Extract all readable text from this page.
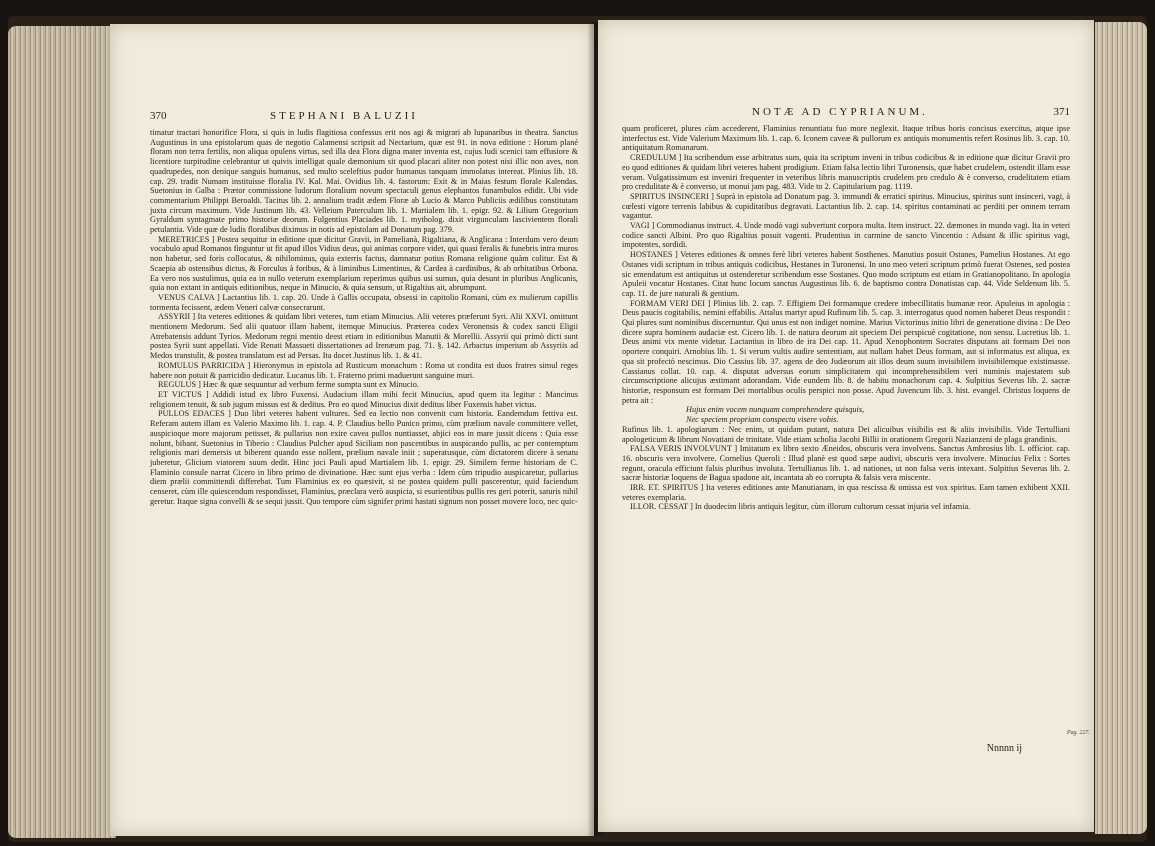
370	STEPHANI BALUZII

timatur tractari honorifice Flora, si quis in ludis flagitiosa confessus erit nos agi & migrari ab lupanaribus in theatra. Sanctus Augustinus in una epistolarum quas de negotio Calamensi scripsit ad Nectarium, quæ est 91. in nova editione : Horum plané floram non terra fertilis, non aliqua opulens virtus, sed illa dea Flora digna mater inventa est, cujus ludi scenici tam effusiore & licentiore turpitudine celebrantur ut quivis intelligat quale dæmonium sit quod placari aliter non potest nisi illic non aves, non quadrupedes, non denique sanguis humanus, sed multo sceleftius pudor humanus tanquam immolatus intereat. Plinius lib. 18. cap. 29. tradit Numam instituisse floralia IV. Kal. Mai. Ovidius lib. 4. fastorum: Exit & in Maias festum florale Kalendas. Suetonius in Galba : Prætor commissione ludorum floralium novum spectaculi genus elephantos funambulos edidit. Ubi vide commentarium Philippi Beroaldi. Tacitus lib. 2. annalium tradit ædem Floræ ab Lucio & Marco Publiciis ædilibus constitutam juxta circum maximum. Vide Justinum lib. 43. Velleium Paterculum lib. 1. Martialem lib. 1. epigr. 92. & Lilium Gregorium Gyraldum syntagmate primo historiæ deorum. Fulgentius Placiades lib. 1. mytholog. dixit virgunculam lascivientem florali petulantia. Vide quæ de ludis floralibus diximus in notis ad epistolam ad Donatum pag. 379.

MERETRICES ] Postea sequitur in editione quæ dicitur Gravii, in Pamelianà, Rigaltiana, & Anglicana : Interdum vero deum vocabulo apud Romanos finguntur ut fit apud illos Vidius deus, qui animas corpore videt, qui quasi feralis & funebris intra muros non habetur, sed foris collocatus, & nihilominus, quia exterris factus, damnatur potius Romana religione quàm colitur. Est & Scaepia ab ostensibus dictus, & Forculus à foribus, & à liminibus Limentinus, & Cardea à cardinibus, & ab orbitatibus Orbona. Ea vero nos sustulimus, quia ea in nullo veterum exemplarium reperimus quibus usi sumus, quia desunt in pluribus Anglicanis, quia non extant in antiquis editionibus, neque in Minucio, & quia sensum, ut Rigaltius ait, abrumpunt.

VENUS CALVA ] Lactantius lib. 1. cap. 20. Unde à Gallis occupata, obsessi in capitolio Romani, cùm ex mulierum capillis tormenta fecissent, ædem Veneri calvæ consecrarunt.

ASSYRII ] Ita veteres editiones & quidam libri veteres, tum etiam Minucius. Alii veteres præferunt Syri. Alii XXVI. omittunt mentionem Medorum. Sed alii quatuor illam habent, itemque Minucius. Præterea codex Veronensis & codex sancti Eligii Atrebatensis addunt Tyrios. Medorum regni mentio deest etiam in editionibus Manutii & Morellii. Assyrii qui primò dicti sunt postea Syrii sunt appellati. Vide Renati Massueti dissertationes ad Irenæum pag. 71. §. 142. Arbactus imperium ab Assyriis ad Medos transtulit, & postea translatum est ad Persas. Ita docet Justinus lib. 1. & 41.

ROMULUS PARRICIDA ] Hieronymus in epistola ad Rusticum monachum : Roma ut condita est duos fratres simul reges habere non potuit & parricidio dedicatur. Lucanus lib. 1. Fraterno primi maduerunt sanguine muri.

REGULUS ] Hæc & quæ sequuntur ad verbum ferme sumpta sunt ex Minucio.

ET VICTUS ] Addidi istud ex libro Fuxensi. Audacium illam mihi fecit Minucius, apud quem ita legitur : Mancinus religionem tenuit, & sub jugum missus est & deditus. Pro eo quod Minucius dixit deditus liber Fuxensis habet victus.

PULLOS EDACES ] Duo libri veteres habent vultures. Sed ea lectio non convenit cum historia. Eandemdum fettiva est. Referam autem illam ex Valerio Maximo lib. 1. cap. 4. P. Claudius bello Punico primo, cùm prælium navale committere vellet, auspicioque more majorum petisset, & pullarius non exire cavea pullos nuntiasset, abjici eos in mare jussit dicens : Quia esse nolunt, bibant. Suetonius in Tiberio : Claudius Pulcher apud Siciliam non pascentibus in auspicando pullis, ac per contemptum religionis mari demersis ut biberent quando esse nollent, prælium navale iniit ; superatusque, cùm dictatorem dicere à senatu juberetur, Glicium viatorem suum dedit. Hinc joci Pauli apud Martialem lib. 1. epigr. 29. Similem ferme historiam de C. Flaminio consule narrat Cicero in libro primo de divinatione. Hæc sunt ejus verba : Idem cùm tripudio auspicaretur, pullarius diem prælii committendi differebat. Tum Flaminius ex eo quæsivit, si ne postea quidem pulli pascerentur, quid faciendum censeret, cùm ille quiescendum respondisset, Flaminius, præclara verò auspicia, si esurientibus pullis res geri poterit, saturis nihil geretur. Itaque signa convelli & se sequi jussit. Quo tempore cùm signifer primi hastati signum non posset movere loco, nec quic-

NOTÆ AD CYPRIANUM.	371

quam proficeret, plures cùm accederent, Flaminius renuntiata fuo more neglexit. Itaque tribus horis concisus exercitus, atque ipse interfectus est. Vide Valerium Maximum lib. 1. cap. 6. Iconem caveæ & pullorum ex antiquis monumentis refert Rosinus lib. 3. cap. 10. antiquitatum Romanarum.

CREDULUM ] Ita scribendum esse arbitratus sum, quia ita scriptum inveni in tribus codicibus & in editione quæ dicitur Gravii pro eo quod editiones & quidam libri veteres habent prodigium. Etiam falsa lectio libri Turonensis, quæ habet crudelem, ostendit illam esse veram. Vulgatissimum est inveniri frequenter in veteribus libris manuscriptis crudelem pro credulo & è converso, crudelitatem etiam pro credulitate & è converso, ut monui jam pag. 483. Vide to 2. Capitularium pag. 1119.

SPIRITUS INSINCERI ] Suprà in epistola ad Donatum pag. 3. immundi & erratici spiritus. Minucius, spiritus sunt insinceri, vagi, à cœlesti vigore terrenis labibus & cupiditatibus degravati. Lactantius lib. 2. cap. 14. spiritus contaminati ac perditi per omnem terram vagantur.

VAGI ] Commodianus instruct. 4. Unde modò vagi subvertunt corpora multa. Item instruct. 22. dæmones in mundo vagi. Ita in veteri codice sancti Albini. Pro quo Rigaltius posuit vagenti. Prudentius in carmine de sancto Vincentio : Adsunt & illic spiritus vagi, impotentes, sordidi.

HOSTANES ] Veteres editiones & omnes ferè libri veteres habent Sosthenes. Manutius posuit Ostanes, Pamelius Hostanes. At ego Ostanes vidi scriptum in tribus antiquis codicibus, Hestanes in Turonensi. In uno meo veteri scriptum primò fuerat Ostenes, sed postea sic emendatum est antiquitus ut ostenderetur scribendum esse Sostanes. Quo modo scriptum est etiam in Gratianopolitano. In apologia Apuleii vocatur Hostanes. Citat hunc locum sanctus Augustinus lib. 6. de baptismo contra Donatistas cap. 44. Vide Seldenum lib. 5. cap. 11. de jure naturali & gentium.

FORMAM VERI DEI ] Plinius lib. 2. cap. 7. Effigiem Dei formamque credere imbecillitatis humanæ reor. Apuleius in apologia : Deus paucis cogitabilis, nemini effabilis. Attalus martyr apud Rufinum lib. 5. cap. 3. interrogatus quod nomen haberet Deus respondit : Qui plures sunt nominibus discernuntur. Qui unus est non indiget nomine. Marius Victorinus initio libri de generatione divina : De Deo dicere supra hominem audaciæ est. Cicero lib. 1. de natura deorum ait speciem Dei perspicuè cogitatione, non sensu. Lucretius lib. 1. Deus animi vix mente videtur. Lactantius in libro de ira Dei cap. 11. Apud Xenophontem Socrates disputans ait formam Dei non oportere conquiri. Arnobius lib. 1. Si verum vultis audire sententiam, aut nullam habet Deus formam, aut si informatus est aliqua, ex qua sit profectò nescimus. Dio Cassius lib. 37. agens de deo Judæorum ait illos deum suum invisibilem invisibilemque existimasse. Cassianus collat. 10. cap. 4. disputat adversus eorum simplicitatem qui incomprehensibilem veri numinis majestatem sub circumscriptione alicujus æstimant adorandam. Vide eundem lib. 8. de habitu monachorum cap. 4. Sulpitius Severus lib. 2. sacræ historiæ, responsum est formam Dei mortalibus oculis perspici non posse. Apud Juvencum lib. 3. hist. evangel. Christus loquens de petra ait :

Hujus enim vocem nunquam comprehendere quisquis,

Nec speciem propriam conspectu visere vobis.

Rufinus lib. 1. apologiarum : Nec enim, ut quidam putant, natura Dei alicuibus visibilis est & aliis invisibilis. Vide Tertulliani apologeticum & librum Novatiani de trinitate. Vide etiam scholia Jacobi Billii in orationem Gregorii Nazianzeni de plaga grandinis.

FALSA VERIS INVOLVUNT ] Imitatum ex libro sexto Æneidos, obscuris vera involvens. Sanctus Ambrosius lib. 1. officior. cap. 16. obscuris vera involvere. Cornelius Queroli : Illud planè est quod sæpe audivi, obscuris vera involvere. Minucius Felix : Sortes regunt, oracula efficiunt falsis pluribus involuta. Tertullianus lib. 1. ad nationes, ut non falsa veris intexant. Sulpitius Severus lib. 2. sacræ historiæ loquens de Bagua spadone ait, incantata ab eo corrupta & falsis vera miscente.

IRR. ET. SPIRITUS ] Ita veteres editiones ante Manutianam, in qua rescissa & omissa est vox spiritus. Eam tamen exhibent XXII. veteres exemplaria.

ILLOR. CESSAT ] In duodecim libris antiquis legitur, cùm illorum cultorum cessat injuria vel infamia.

Pag. 227.
Nnnnn ij
